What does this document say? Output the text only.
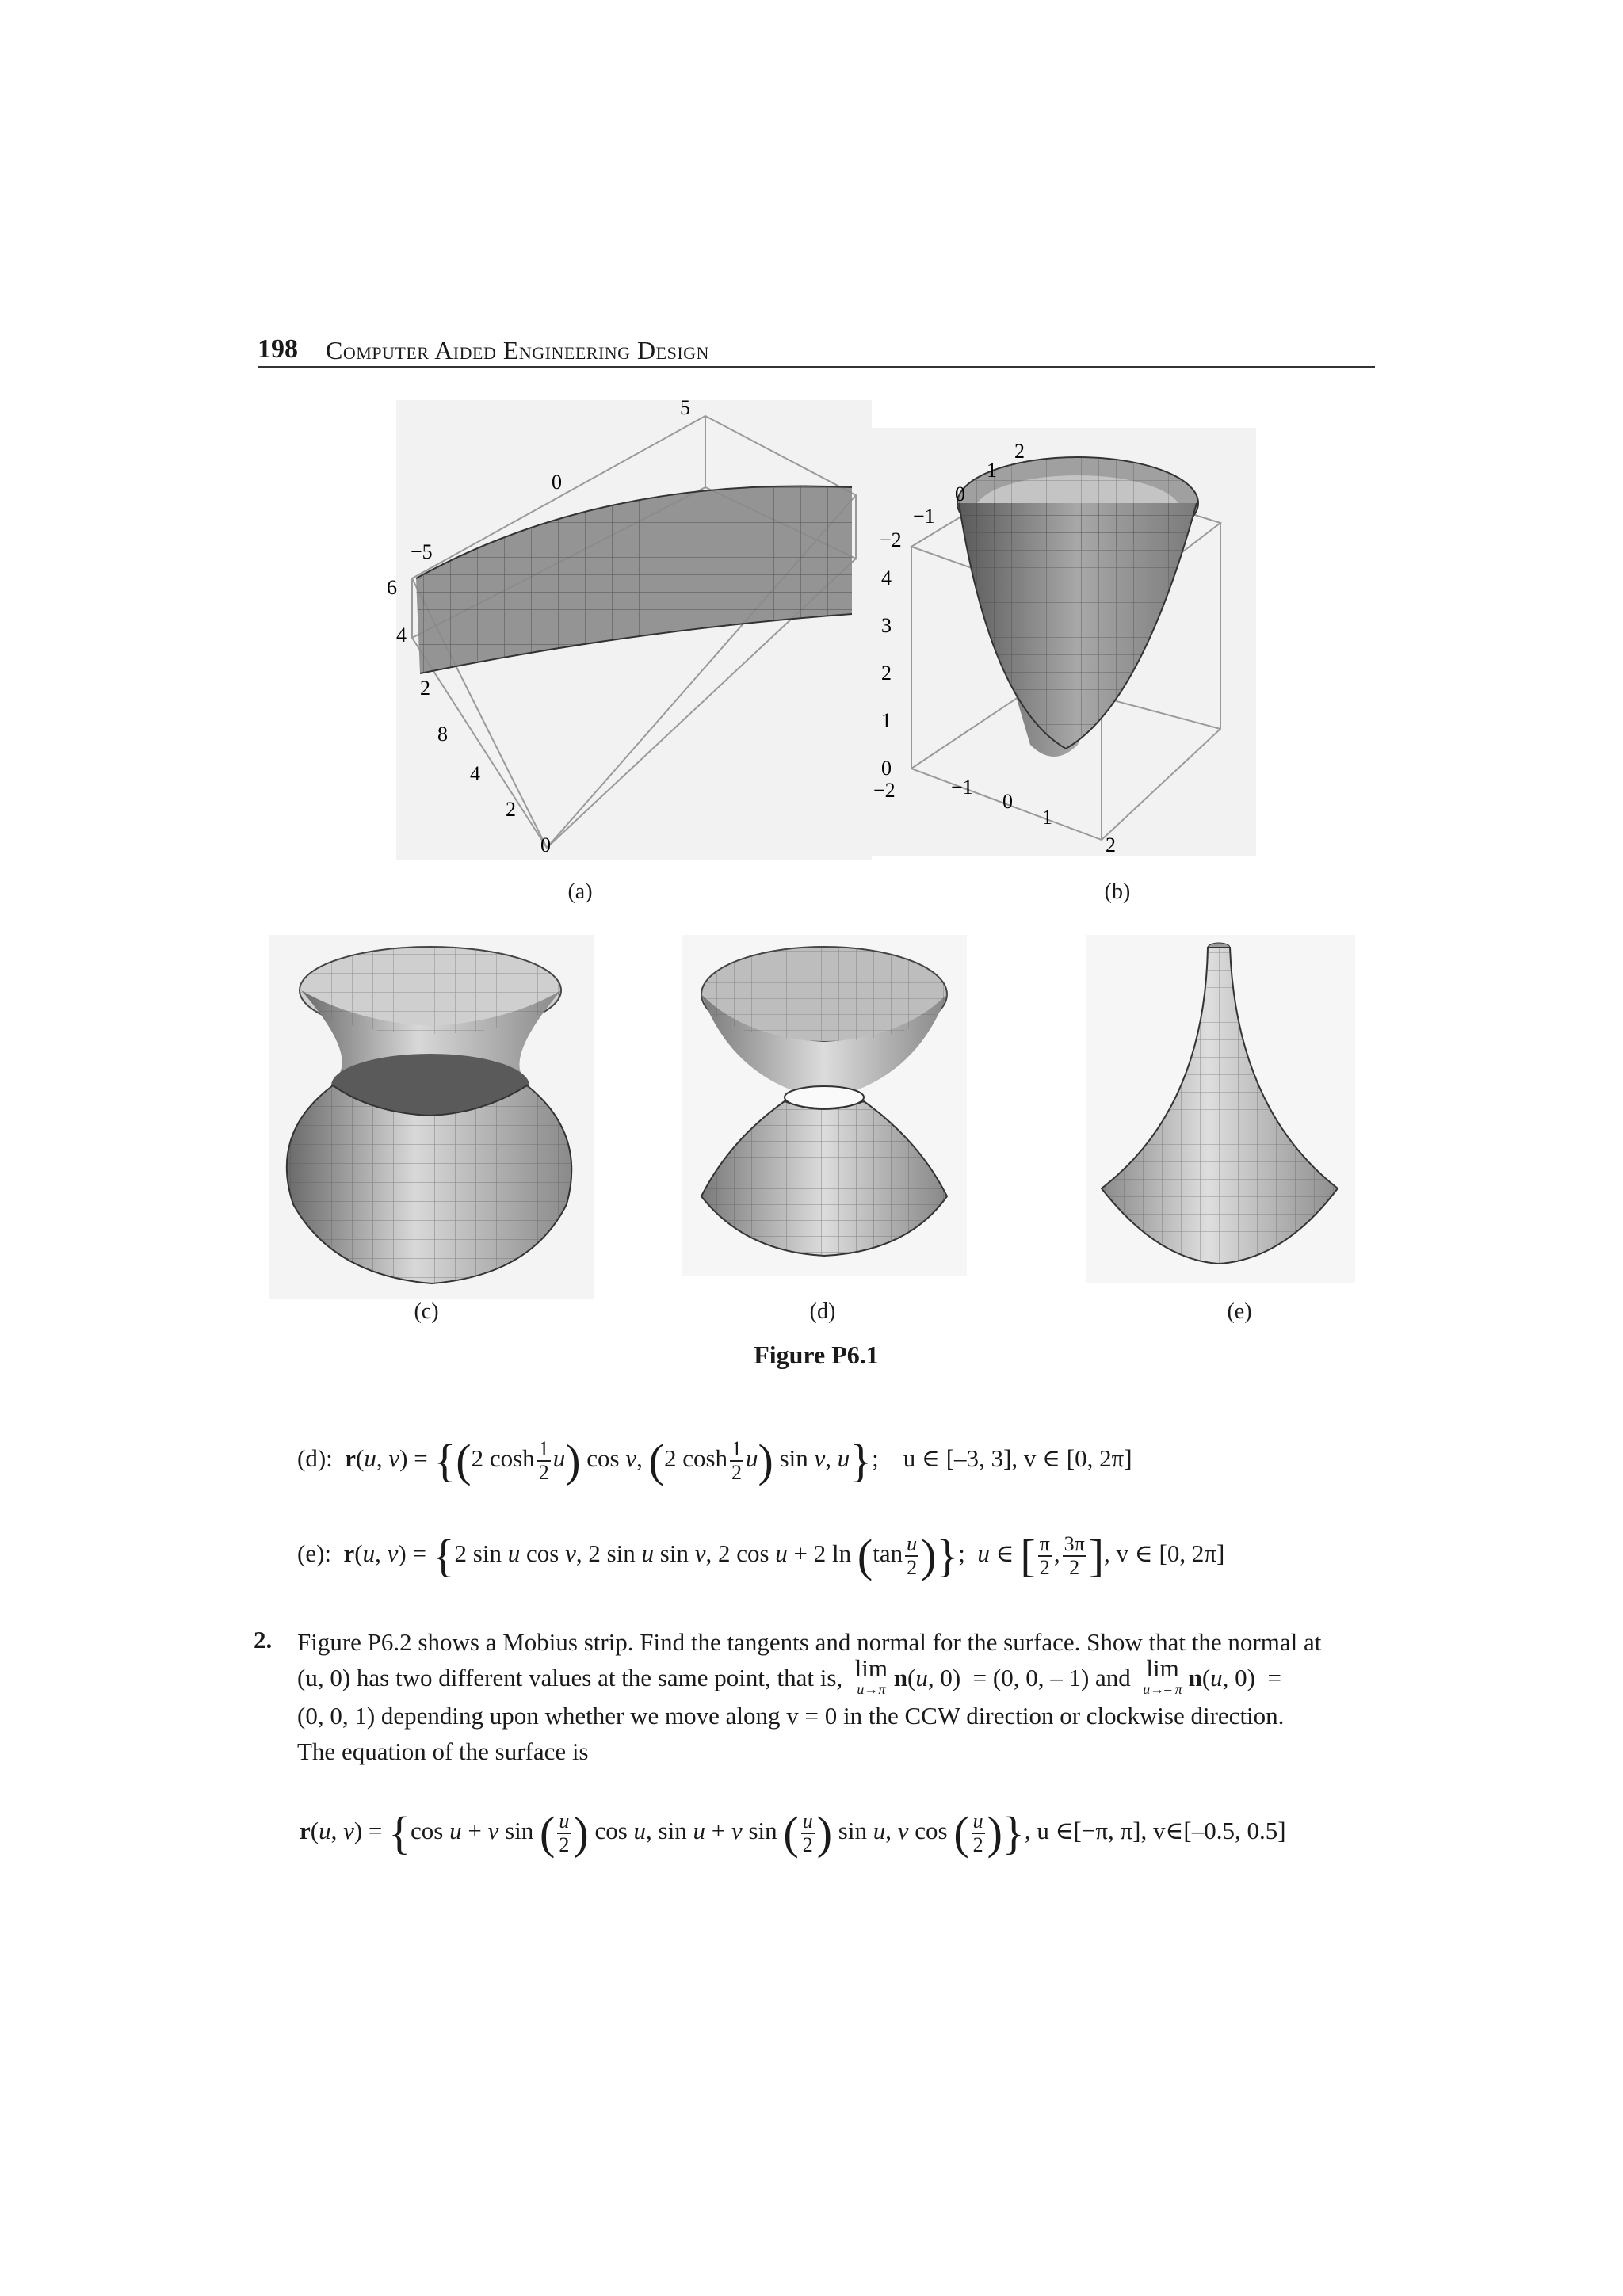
198 Computer Aided Engineering Design
5
0
−5
6
4
2
8
4
2
0
2
1
0
−1
−2
4
3
2
1
0
−2	−1
0
1
2
(a)	(b)
(c)	(d)	(e)
Figure P6.1
(d): r(u, v) = {(2 $\cosh \frac{1}{2} u$) cos v, (2 $\cosh \frac{1}{2} u$) sin v, u};    u ∈ [–3, 3], v ∈ [0, 2π]
(e): r(u, v) = {2 sin u cos v, 2 sin u sin v, 2 cos u + 2 $\ln (\tan \frac{u}{2}$ )};  u ∈ [ $\frac{\pi}{2}$ , $\frac{3\pi}{2}$ ], v ∈ [0, 2π]
2. Figure P6.2 shows a Mobius strip. Find the tangents and normal for the surface. Show that the normal at
(u, 0) has two different values at the same point, that is, lim
u→π n(u, 0)  = (0, 0, – 1) and  lim
u→– π n(u, 0)  =
(0, 0, 1) depending upon whether we move along v = 0 in the CCW direction or clockwise direction.
The equation of the surface is
r(u, v) = {cos u + v sin ( $\frac{u}{2}$ ) cos u, sin u + v sin ( $\frac{u}{2}$ ) sin u, v cos ( $\frac{u}{2}$ )}, u ∈[−π, π], v∈[–0.5, 0.5]
